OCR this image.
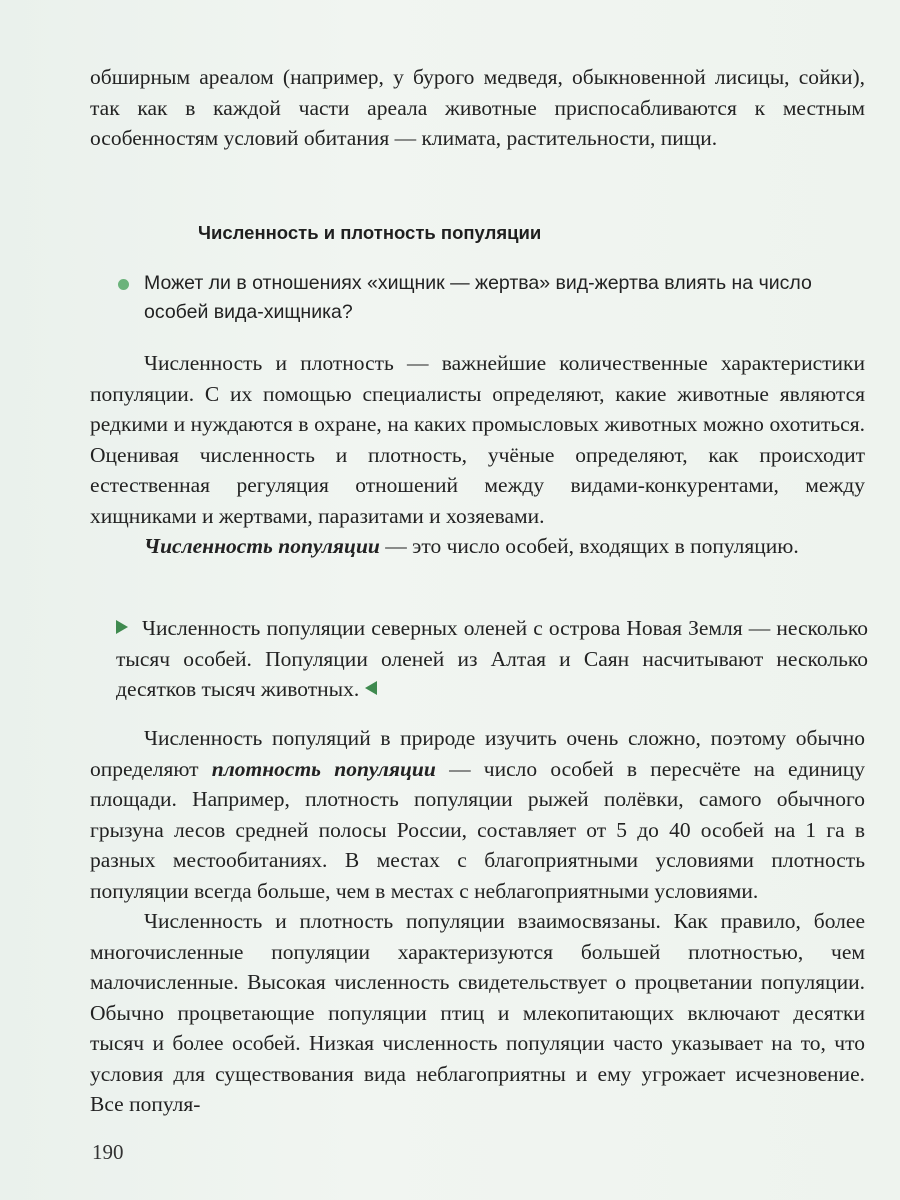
обширным ареалом (например, у бурого медведя, обыкновенной лисицы, сойки), так как в каждой части ареала животные приспосабливаются к местным особенностям условий обитания — климата, растительности, пищи.

Численность и плотность популяции
Может ли в отношениях «хищник — жертва» вид-жертва влиять на число особей вида-хищника?

Численность и плотность — важнейшие количественные характеристики популяции. С их помощью специалисты определяют, какие животные являются редкими и нуждаются в охране, на каких промысловых животных можно охотиться. Оценивая численность и плотность, учёные определяют, как происходит естественная регуляция отношений между видами-конкурентами, между хищниками и жертвами, паразитами и хозяевами.

Численность популяции — это число особей, входящих в популяцию.

Численность популяции северных оленей с острова Новая Земля — несколько тысяч особей. Популяции оленей из Алтая и Саян насчитывают несколько десятков тысяч животных.

Численность популяций в природе изучить очень сложно, поэтому обычно определяют плотность популяции — число особей в пересчёте на единицу площади. Например, плотность популяции рыжей полёвки, самого обычного грызуна лесов средней полосы России, составляет от 5 до 40 особей на 1 га в разных местообитаниях. В местах с благоприятными условиями плотность популяции всегда больше, чем в местах с неблагоприятными условиями.

Численность и плотность популяции взаимосвязаны. Как правило, более многочисленные популяции характеризуются большей плотностью, чем малочисленные. Высокая численность свидетельствует о процветании популяции. Обычно процветающие популяции птиц и млекопитающих включают десятки тысяч и более особей. Низкая численность популяции часто указывает на то, что условия для существования вида неблагоприятны и ему угрожает исчезновение. Все популя-

190
